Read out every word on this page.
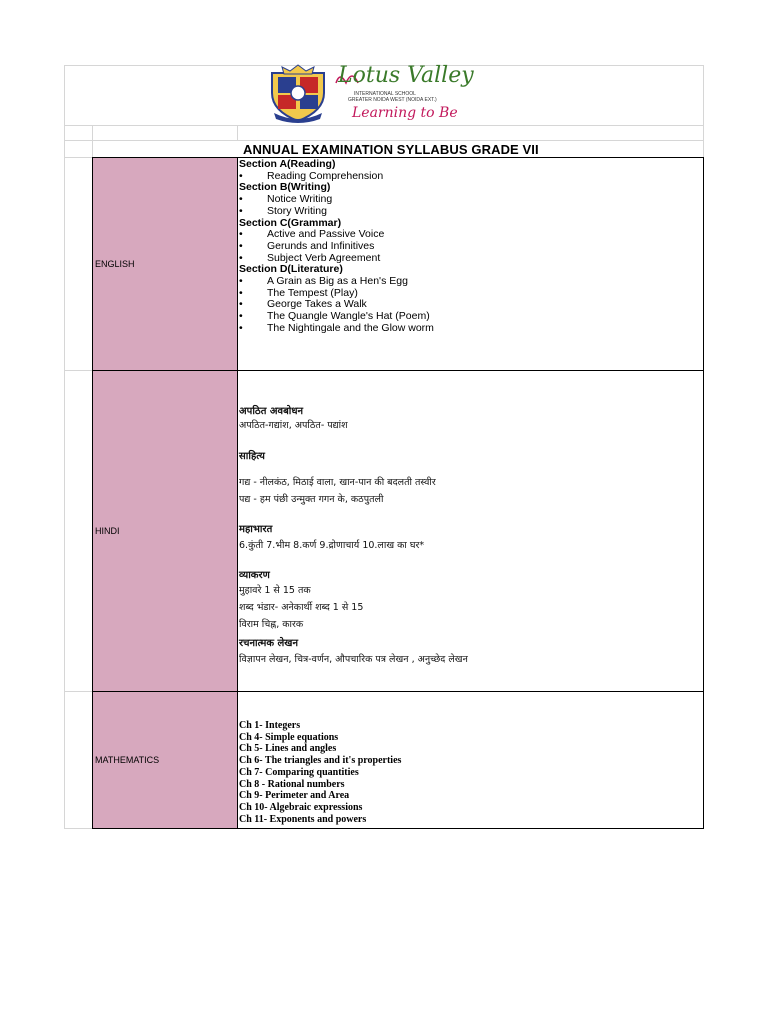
Lotus Valley
INTERNATIONAL SCHOOL
GREATER NOIDA WEST (NOIDA EXT.)
Learning to Be
ANNUAL EXAMINATION SYLLABUS GRADE VII
ENGLISH
Section A(Reading)
•	Reading Comprehension
Section B(Writing)
•	Notice Writing
•	Story Writing
Section C(Grammar)
•	Active and Passive Voice
•	Gerunds and Infinitives
•	Subject Verb Agreement
Section D(Literature)
•	A Grain as Big as a Hen's Egg
•	The Tempest (Play)
•	George Takes a Walk
•	The Quangle Wangle's Hat (Poem)
•	The Nightingale and the Glow worm
HINDI
अपठित अवबोधन
अपठित-गद्यांश, अपठित- पद्यांश
साहित्य
गद्य - नीलकंठ, मिठाई वाला, खान-पान की बदलती तस्वीर
पद्य - हम पंछी उन्मुक्त गगन के, कठपुतली
महाभारत
6.कुंती 7.भीम 8.कर्ण 9.द्रोणाचार्य 10.लाख का घर*
व्याकरण
मुहावरे 1 से 15 तक
शब्द भंडार- अनेकार्थी शब्द 1 से 15
विराम चिह्न, कारक
रचनात्मक लेखन
विज्ञापन लेखन, चित्र-वर्णन, औपचारिक पत्र लेखन , अनुच्छेद लेखन
MATHEMATICS
Ch 1- Integers
Ch 4- Simple equations
Ch 5- Lines and angles
Ch 6- The triangles and it's properties
Ch 7- Comparing quantities
Ch 8 - Rational numbers
Ch 9- Perimeter and Area
Ch 10- Algebraic expressions
Ch 11- Exponents and powers
